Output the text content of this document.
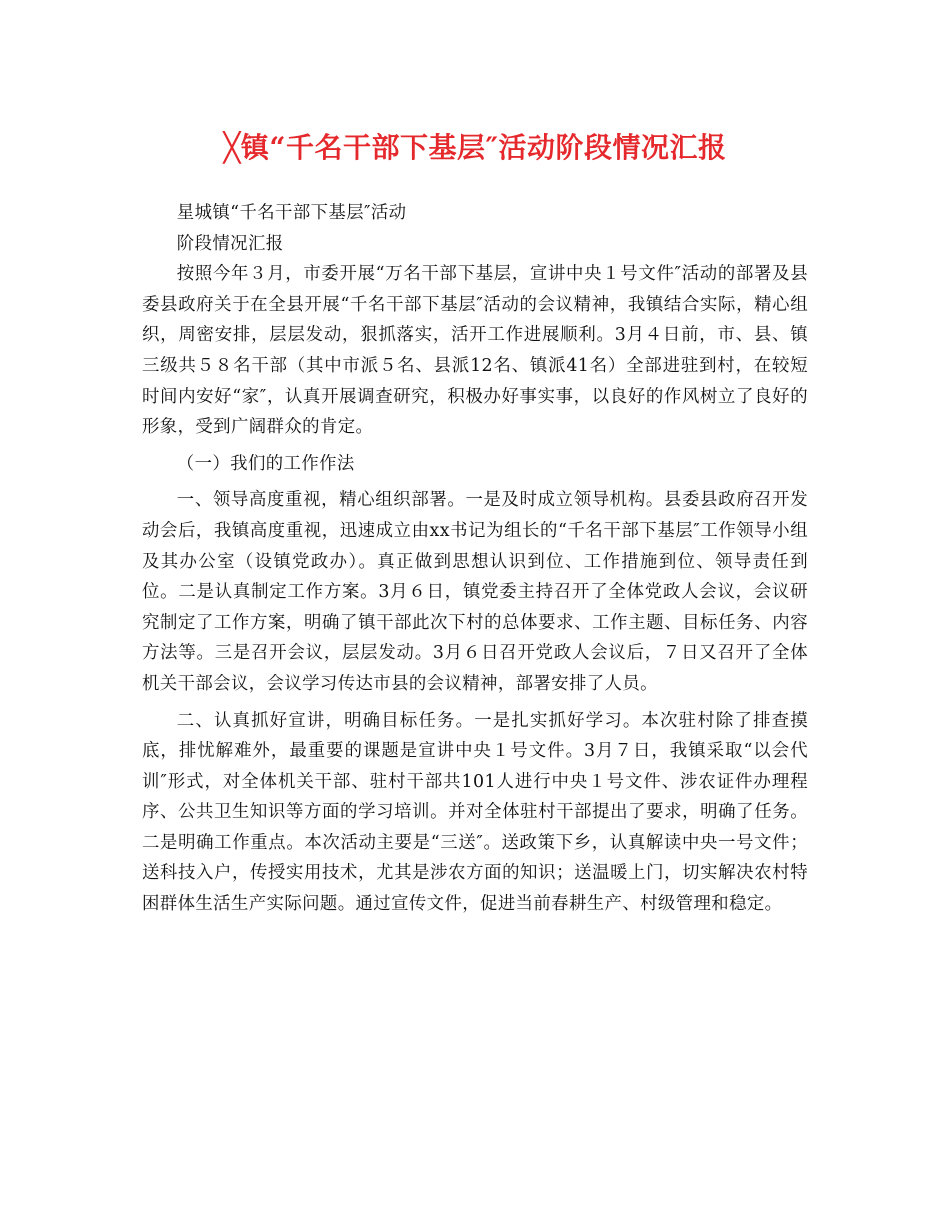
╳镇“千名干部下基层″活动阶段情况汇报

星城镇“千名干部下基层″活动

阶段情况汇报

按照今年３月，市委开展“万名干部下基层，宣讲中央１号文件″活动的部署及县委县政府关于在全县开展“千名干部下基层″活动的会议精神，我镇结合实际，精心组织，周密安排，层层发动，狠抓落实，活开工作进展顺利。3月４日前，市、县、镇三级共５８名干部（其中市派５名、县派12名、镇派41名）全部进驻到村，在较短时间内安好“家″，认真开展调查研究，积极办好事实事，以良好的作风树立了良好的形象，受到广阔群众的肯定。

（一）我们的工作作法

一、领导高度重视，精心组织部署。一是及时成立领导机构。县委县政府召开发动会后，我镇高度重视，迅速成立由xx书记为组长的“千名干部下基层″工作领导小组及其办公室（设镇党政办）。真正做到思想认识到位、工作措施到位、领导责任到位。二是认真制定工作方案。3月６日，镇党委主持召开了全体党政人会议，会议研究制定了工作方案，明确了镇干部此次下村的总体要求、工作主题、目标任务、内容方法等。三是召开会议，层层发动。3月６日召开党政人会议后，７日又召开了全体机关干部会议，会议学习传达市县的会议精神，部署安排了人员。

二、认真抓好宣讲，明确目标任务。一是扎实抓好学习。本次驻村除了排查摸底，排忧解难外，最重要的课题是宣讲中央１号文件。3月７日，我镇采取“以会代训″形式，对全体机关干部、驻村干部共101人进行中央１号文件、涉农证件办理程序、公共卫生知识等方面的学习培训。并对全体驻村干部提出了要求，明确了任务。二是明确工作重点。本次活动主要是“三送″。送政策下乡，认真解读中央一号文件；送科技入户，传授实用技术，尤其是涉农方面的知识；送温暖上门，切实解决农村特困群体生活生产实际问题。通过宣传文件，促进当前春耕生产、村级管理和稳定。
